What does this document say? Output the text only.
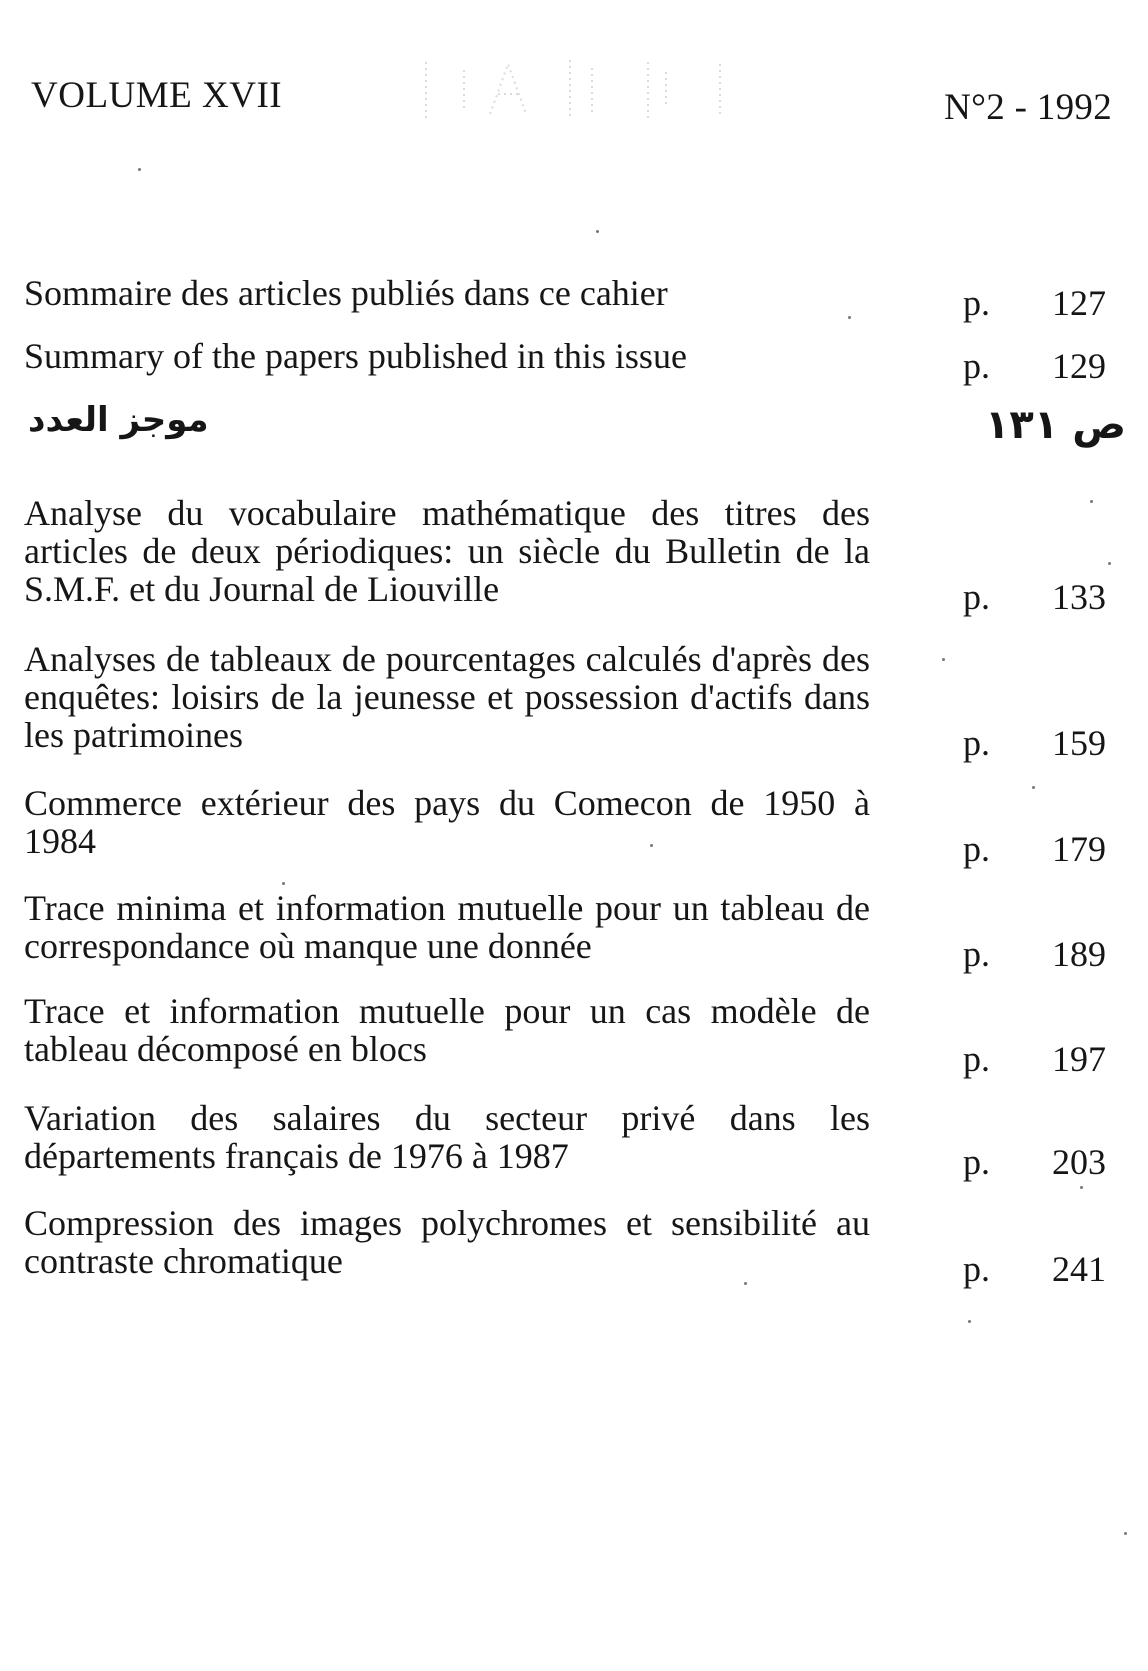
VOLUME XVII	N°2 - 1992
Sommaire des articles publiés dans ce cahier	p. 127
Summary of the papers published in this issue	p. 129
موجز العدد	ص ١٣١
Analyse du vocabulaire mathématique des titres des articles de deux périodiques: un siècle du Bulletin de la S.M.F. et du Journal de Liouville	p. 133
Analyses de tableaux de pourcentages calculés d'après des enquêtes: loisirs de la jeunesse et possession d'actifs dans les patrimoines	p. 159
Commerce extérieur des pays du Comecon de 1950 à 1984	p. 179
Trace minima et information mutuelle pour un tableau de correspondance où manque une donnée	p. 189
Trace et information mutuelle pour un cas modèle de tableau décomposé en blocs	p. 197
Variation des salaires du secteur privé dans les départements français de 1976 à 1987	p. 203
Compression des images polychromes et sensibilité au contraste chromatique	p. 241
